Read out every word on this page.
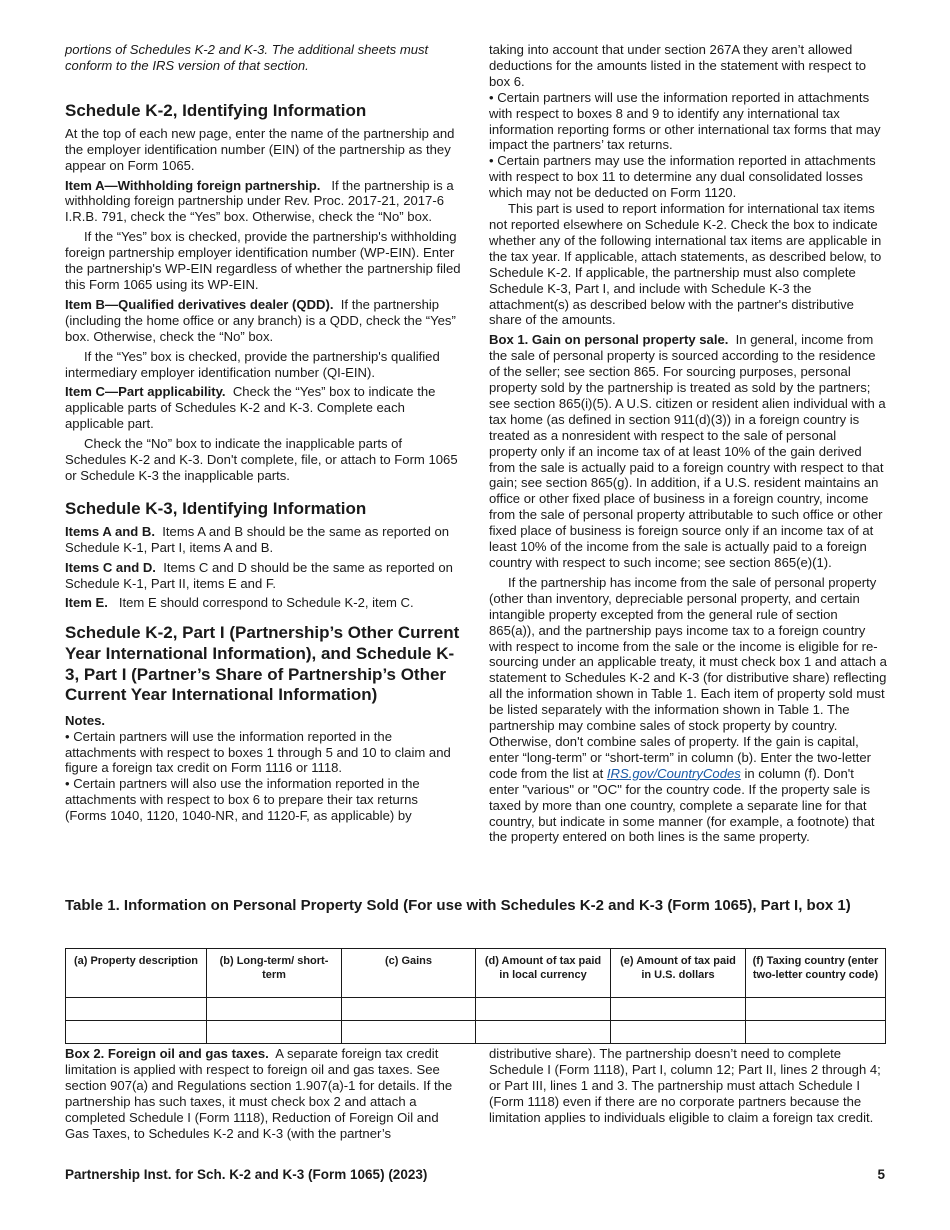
portions of Schedules K-2 and K-3. The additional sheets must conform to the IRS version of that section.

Schedule K-2, Identifying Information

At the top of each new page, enter the name of the partnership and the employer identification number (EIN) of the partnership as they appear on Form 1065.

Item A—Withholding foreign partnership. If the partnership is a withholding foreign partnership under Rev. Proc. 2017-21, 2017-6 I.R.B. 791, check the “Yes” box. Otherwise, check the “No” box.

If the “Yes” box is checked, provide the partnership's withholding foreign partnership employer identification number (WP-EIN). Enter the partnership's WP-EIN regardless of whether the partnership filed this Form 1065 using its WP-EIN.

Item B—Qualified derivatives dealer (QDD). If the partnership (including the home office or any branch) is a QDD, check the “Yes” box. Otherwise, check the “No” box.

If the “Yes” box is checked, provide the partnership's qualified intermediary employer identification number (QI-EIN).

Item C—Part applicability. Check the “Yes” box to indicate the applicable parts of Schedules K-2 and K-3. Complete each applicable part.

Check the “No” box to indicate the inapplicable parts of Schedules K-2 and K-3. Don't complete, file, or attach to Form 1065 or Schedule K-3 the inapplicable parts.

Schedule K-3, Identifying Information

Items A and B. Items A and B should be the same as reported on Schedule K-1, Part I, items A and B.

Items C and D. Items C and D should be the same as reported on Schedule K-1, Part II, items E and F.

Item E. Item E should correspond to Schedule K-2, item C.

Schedule K-2, Part I (Partnership’s Other Current Year International Information), and Schedule K-3, Part I (Partner’s Share of Partnership’s Other Current Year International Information)

Notes.

• Certain partners will use the information reported in the attachments with respect to boxes 1 through 5 and 10 to claim and figure a foreign tax credit on Form 1116 or 1118.

• Certain partners will also use the information reported in the attachments with respect to box 6 to prepare their tax returns (Forms 1040, 1120, 1040-NR, and 1120-F, as applicable) by

taking into account that under section 267A they aren’t allowed deductions for the amounts listed in the statement with respect to box 6.

• Certain partners will use the information reported in attachments with respect to boxes 8 and 9 to identify any international tax information reporting forms or other international tax forms that may impact the partners’ tax returns.

• Certain partners may use the information reported in attachments with respect to box 11 to determine any dual consolidated losses which may not be deducted on Form 1120.

This part is used to report information for international tax items not reported elsewhere on Schedule K-2. Check the box to indicate whether any of the following international tax items are applicable in the tax year. If applicable, attach statements, as described below, to Schedule K-2. If applicable, the partnership must also complete Schedule K-3, Part I, and include with Schedule K-3 the attachment(s) as described below with the partner's distributive share of the amounts.

Box 1. Gain on personal property sale. In general, income from the sale of personal property is sourced according to the residence of the seller; see section 865. For sourcing purposes, personal property sold by the partnership is treated as sold by the partners; see section 865(i)(5). A U.S. citizen or resident alien individual with a tax home (as defined in section 911(d)(3)) in a foreign country is treated as a nonresident with respect to the sale of personal property only if an income tax of at least 10% of the gain derived from the sale is actually paid to a foreign country with respect to that gain; see section 865(g). In addition, if a U.S. resident maintains an office or other fixed place of business in a foreign country, income from the sale of personal property attributable to such office or other fixed place of business is foreign source only if an income tax of at least 10% of the income from the sale is actually paid to a foreign country with respect to such income; see section 865(e)(1).

If the partnership has income from the sale of personal property (other than inventory, depreciable personal property, and certain intangible property excepted from the general rule of section 865(a)), and the partnership pays income tax to a foreign country with respect to income from the sale or the income is eligible for re-sourcing under an applicable treaty, it must check box 1 and attach a statement to Schedules K-2 and K-3 (for distributive share) reflecting all the information shown in Table 1. Each item of property sold must be listed separately with the information shown in Table 1. The partnership may combine sales of stock property by country. Otherwise, don't combine sales of property. If the gain is capital, enter “long-term” or “short-term” in column (b). Enter the two-letter code from the list at IRS.gov/CountryCodes in column (f). Don't enter "various" or "OC" for the country code. If the property sale is taxed by more than one country, complete a separate line for that country, but indicate in some manner (for example, a footnote) that the property entered on both lines is the same property.

Table 1. Information on Personal Property Sold (For use with Schedules K-2 and K-3 (Form 1065), Part I, box 1)

(a) Property description	(b) Long-term/ short-term	(c) Gains	(d) Amount of tax paid in local currency	(e) Amount of tax paid in U.S. dollars	(f) Taxing country (enter two-letter country code)

Box 2. Foreign oil and gas taxes. A separate foreign tax credit limitation is applied with respect to foreign oil and gas taxes. See section 907(a) and Regulations section 1.907(a)-1 for details. If the partnership has such taxes, it must check box 2 and attach a completed Schedule I (Form 1118), Reduction of Foreign Oil and Gas Taxes, to Schedules K-2 and K-3 (with the partner’s

distributive share). The partnership doesn’t need to complete Schedule I (Form 1118), Part I, column 12; Part II, lines 2 through 4; or Part III, lines 1 and 3. The partnership must attach Schedule I (Form 1118) even if there are no corporate partners because the limitation applies to individuals eligible to claim a foreign tax credit.

Partnership Inst. for Sch. K-2 and K-3 (Form 1065) (2023)	5
